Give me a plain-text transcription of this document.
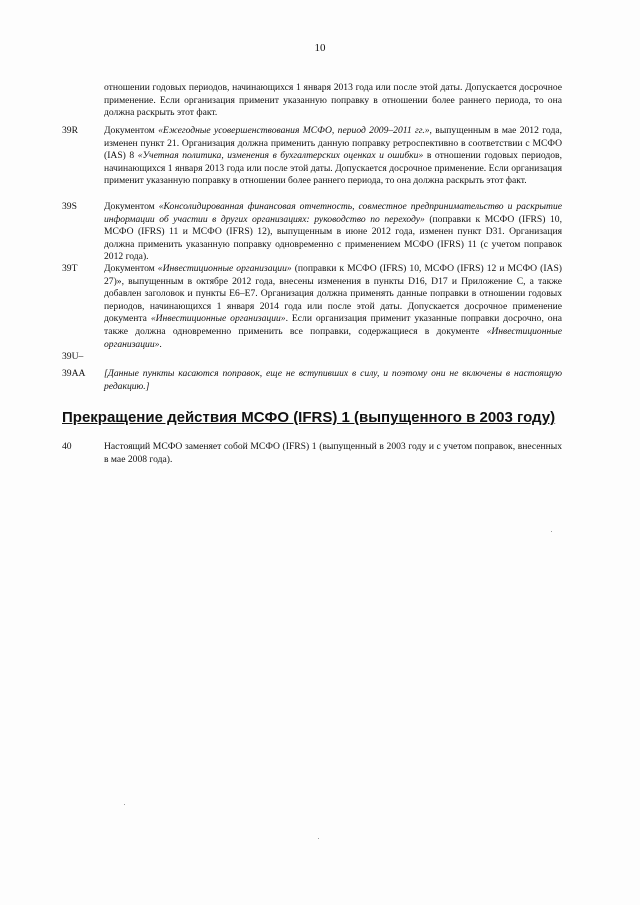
10
отношении годовых периодов, начинающихся 1 января 2013 года или после этой даты. Допускается досрочное применение. Если организация применит указанную поправку в отношении более раннего периода, то она должна раскрыть этот факт.
39R	Документом «Ежегодные усовершенствования МСФО, период 2009–2011 гг.», выпущенным в мае 2012 года, изменен пункт 21. Организация должна применить данную поправку ретроспективно в соответствии с МСФО (IAS) 8 «Учетная политика, изменения в бухгалтерских оценках и ошибки» в отношении годовых периодов, начинающихся 1 января 2013 года или после этой даты. Допускается досрочное применение. Если организация применит указанную поправку в отношении более раннего периода, то она должна раскрыть этот факт.
39S	Документом «Консолидированная финансовая отчетность, совместное предпринимательство и раскрытие информации об участии в других организациях: руководство по переходу» (поправки к МСФО (IFRS) 10, МСФО (IFRS) 11 и МСФО (IFRS) 12), выпущенным в июне 2012 года, изменен пункт D31. Организация должна применить указанную поправку одновременно с применением МСФО (IFRS) 11 (с учетом поправок 2012 года).
39T	Документом «Инвестиционные организации» (поправки к МСФО (IFRS) 10, МСФО (IFRS) 12 и МСФО (IAS) 27)», выпущенным в октябре 2012 года, внесены изменения в пункты D16, D17 и Приложение C, а также добавлен заголовок и пункты E6–E7. Организация должна применять данные поправки в отношении годовых периодов, начинающихся 1 января 2014 года или после этой даты. Допускается досрочное применение документа «Инвестиционные организации». Если организация применит указанные поправки досрочно, она также должна одновременно применить все поправки, содержащиеся в документе «Инвестиционные организации».
39U–
39AA	[Данные пункты касаются поправок, еще не вступивших в силу, и поэтому они не включены в настоящую редакцию.]
Прекращение действия МСФО (IFRS) 1 (выпущенного в 2003 году)
40	Настоящий МСФО заменяет собой МСФО (IFRS) 1 (выпущенный в 2003 году и с учетом поправок, внесенных в мае 2008 года).
